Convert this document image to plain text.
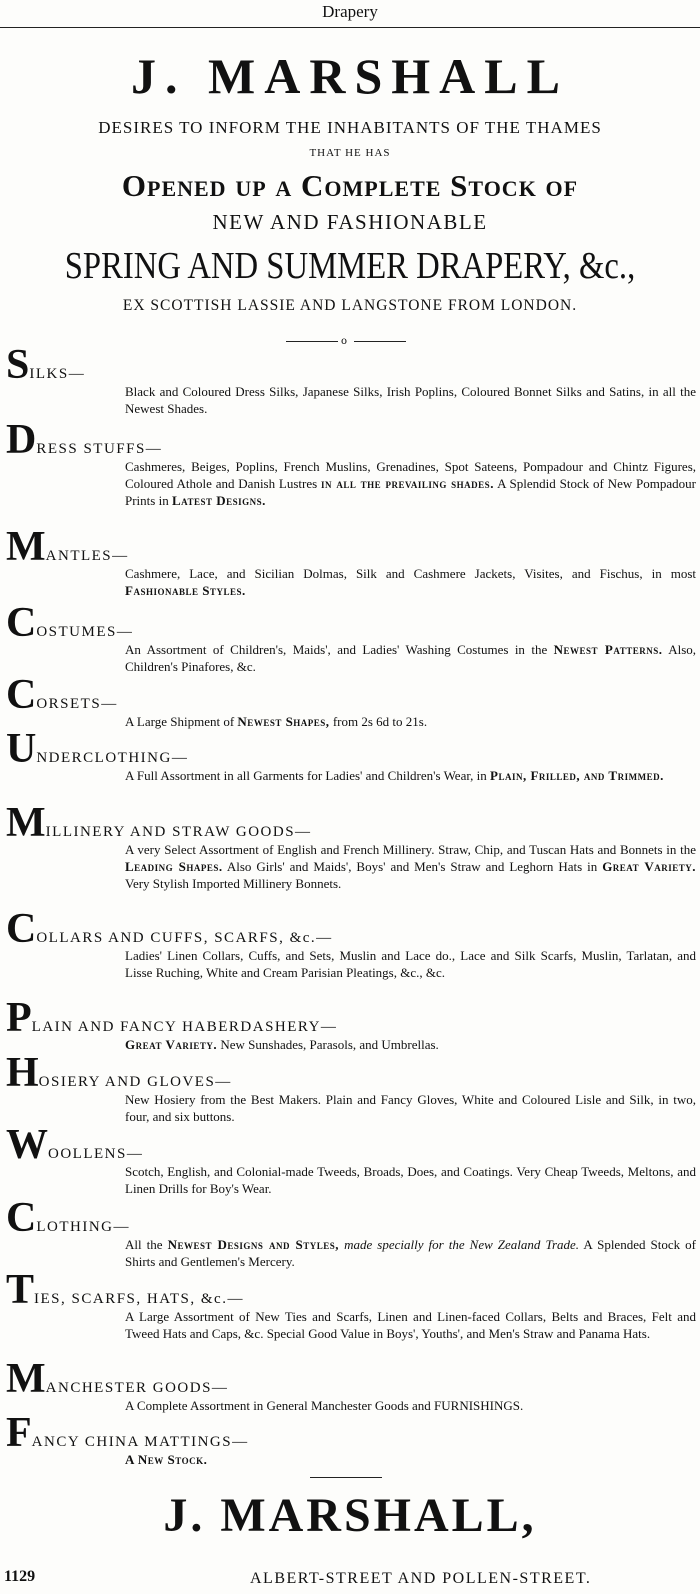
Drapery
J. MARSHALL
DESIRES TO INFORM THE INHABITANTS OF THE THAMES
THAT HE HAS
Opened up a Complete Stock of
NEW AND FASHIONABLE
SPRING AND SUMMER DRAPERY, &c.,
EX SCOTTISH LASSIE AND LANGSTONE FROM LONDON.
o
SILKS—
Black and Coloured Dress Silks, Japanese Silks, Irish Poplins, Coloured Bonnet Silks and Satins, in all the Newest Shades.
DRESS STUFFS—
Cashmeres, Beiges, Poplins, French Muslins, Grenadines, Spot Sateens, Pompadour and Chintz Figures, Coloured Athole and Danish Lustres in all the prevailing shades. A Splendid Stock of New Pompadour Prints in Latest Designs.
MANTLES—
Cashmere, Lace, and Sicilian Dolmas, Silk and Cashmere Jackets, Visites, and Fischus, in most Fashionable Styles.
COSTUMES—
An Assortment of Children's, Maids', and Ladies' Washing Costumes in the Newest Patterns. Also, Children's Pinafores, &c.
CORSETS—
A Large Shipment of Newest Shapes, from 2s 6d to 21s.
UNDERCLOTHING—
A Full Assortment in all Garments for Ladies' and Children's Wear, in Plain, Frilled, and Trimmed.
MILLINERY AND STRAW GOODS—
A very Select Assortment of English and French Millinery. Straw, Chip, and Tuscan Hats and Bonnets in the Leading Shapes. Also Girls' and Maids', Boys' and Men's Straw and Leghorn Hats in Great Variety. Very Stylish Imported Millinery Bonnets.
COLLARS AND CUFFS, SCARFS, &c.—
Ladies' Linen Collars, Cuffs, and Sets, Muslin and Lace do., Lace and Silk Scarfs, Muslin, Tarlatan, and Lisse Ruching, White and Cream Parisian Pleatings, &c., &c.
PLAIN AND FANCY HABERDASHERY—
Great Variety. New Sunshades, Parasols, and Umbrellas.
HOSIERY AND GLOVES—
New Hosiery from the Best Makers. Plain and Fancy Gloves, White and Coloured Lisle and Silk, in two, four, and six buttons.
WOOLLENS—
Scotch, English, and Colonial-made Tweeds, Broads, Does, and Coatings. Very Cheap Tweeds, Meltons, and Linen Drills for Boy's Wear.
CLOTHING—
All the Newest Designs and Styles, made specially for the New Zealand Trade. A Splended Stock of Shirts and Gentlemen's Mercery.
TIES, SCARFS, HATS, &c.—
A Large Assortment of New Ties and Scarfs, Linen and Linen-faced Collars, Belts and Braces, Felt and Tweed Hats and Caps, &c. Special Good Value in Boys', Youths', and Men's Straw and Panama Hats.
MANCHESTER GOODS—
A Complete Assortment in General Manchester Goods and FURNISHINGS.
FANCY CHINA MATTINGS—
A New Stock.
J. MARSHALL,
1129	ALBERT-STREET AND POLLEN-STREET.
